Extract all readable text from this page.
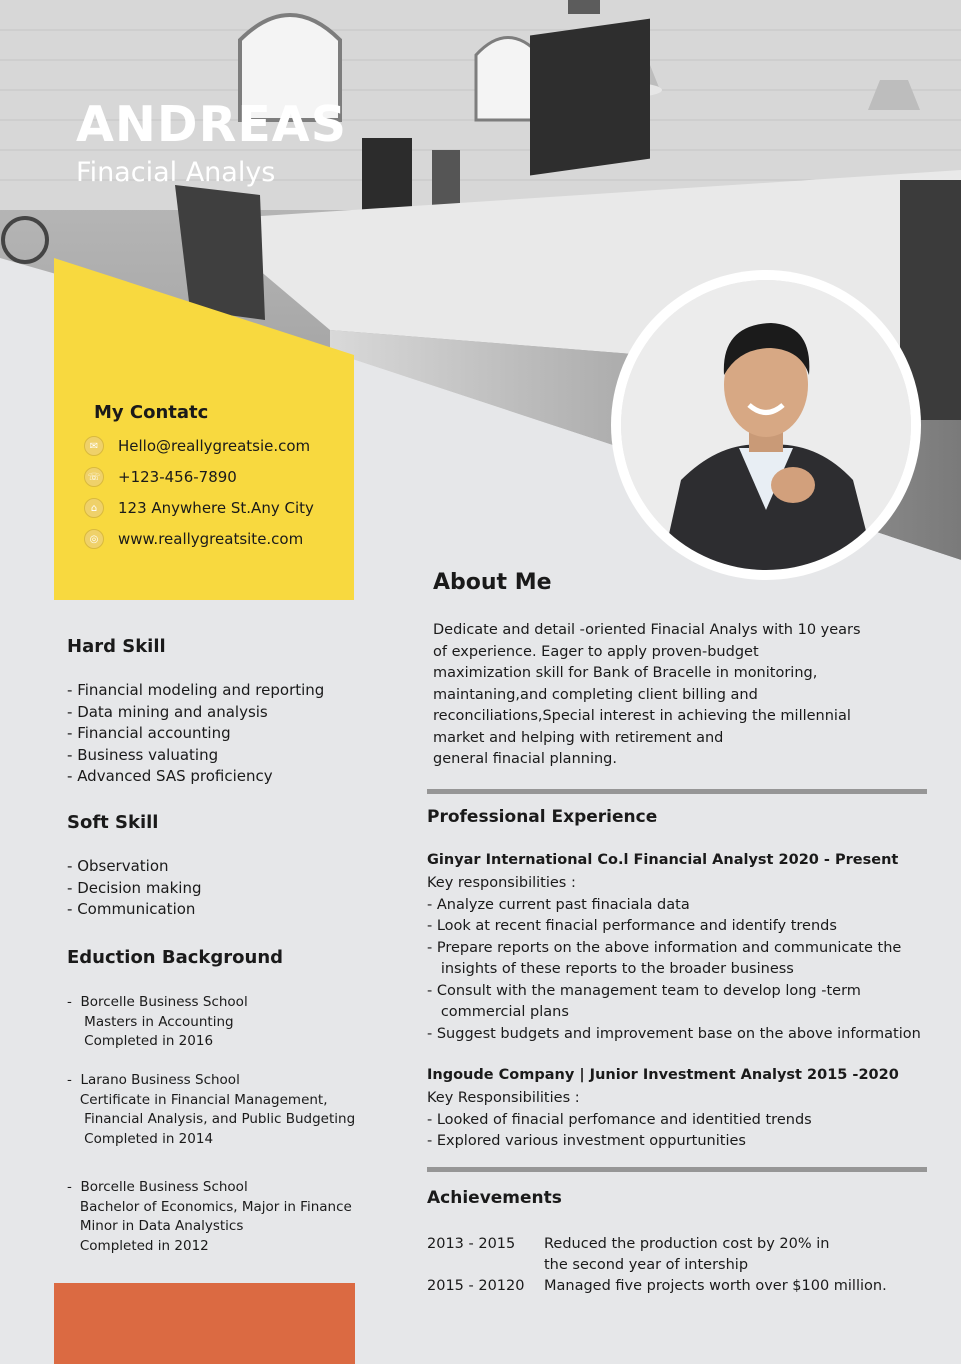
ANDREAS
Finacial Analys
My Contatc
✉	Hello@reallygreatsie.com
☏ +123-456-7890
⌂	123 Anywhere St.Any City
◎	www.reallygreatsite.com
Hard Skill
- Financial modeling and reporting
- Data mining and analysis
- Financial accounting
- Business valuating
- Advanced SAS proficiency
Soft Skill
- Observation
- Decision making
- Communication
Eduction Background
-  Borcelle Business School
Masters in Accounting
Completed in 2016
-  Larano Business School
Certificate in Financial Management,
Financial Analysis, and Public Budgeting
Completed in 2014
-  Borcelle Business School
Bachelor of Economics, Major in Finance
Minor in Data Analystics
Completed in 2012
About Me
Dedicate and detail -oriented Finacial Analys with 10 years
of experience. Eager to apply proven-budget
maximization skill for Bank of Bracelle in monitoring,
maintaning,and completing client billing and
reconciliations,Special interest in achieving the millennial
market and helping with retirement and
general finacial planning.
Professional Experience
Ginyar International Co.l Financial Analyst 2020 - Present
Key responsibilities :
- Analyze current past finaciala data
- Look at recent finacial performance and identify trends
- Prepare reports on the above information and communicate the
insights of these reports to the broader business
- Consult with the management team to develop long -term
commercial plans
- Suggest budgets and improvement base on the above information
Ingoude Company | Junior Investment Analyst 2015 -2020
Key Responsibilities :
- Looked of finacial perfomance and identitied trends
- Explored various investment oppurtunities
Achievements
2013 - 2015	Reduced the production cost by 20% in
the second year of intership
2015 - 20120	Managed five projects worth over $100 million.
